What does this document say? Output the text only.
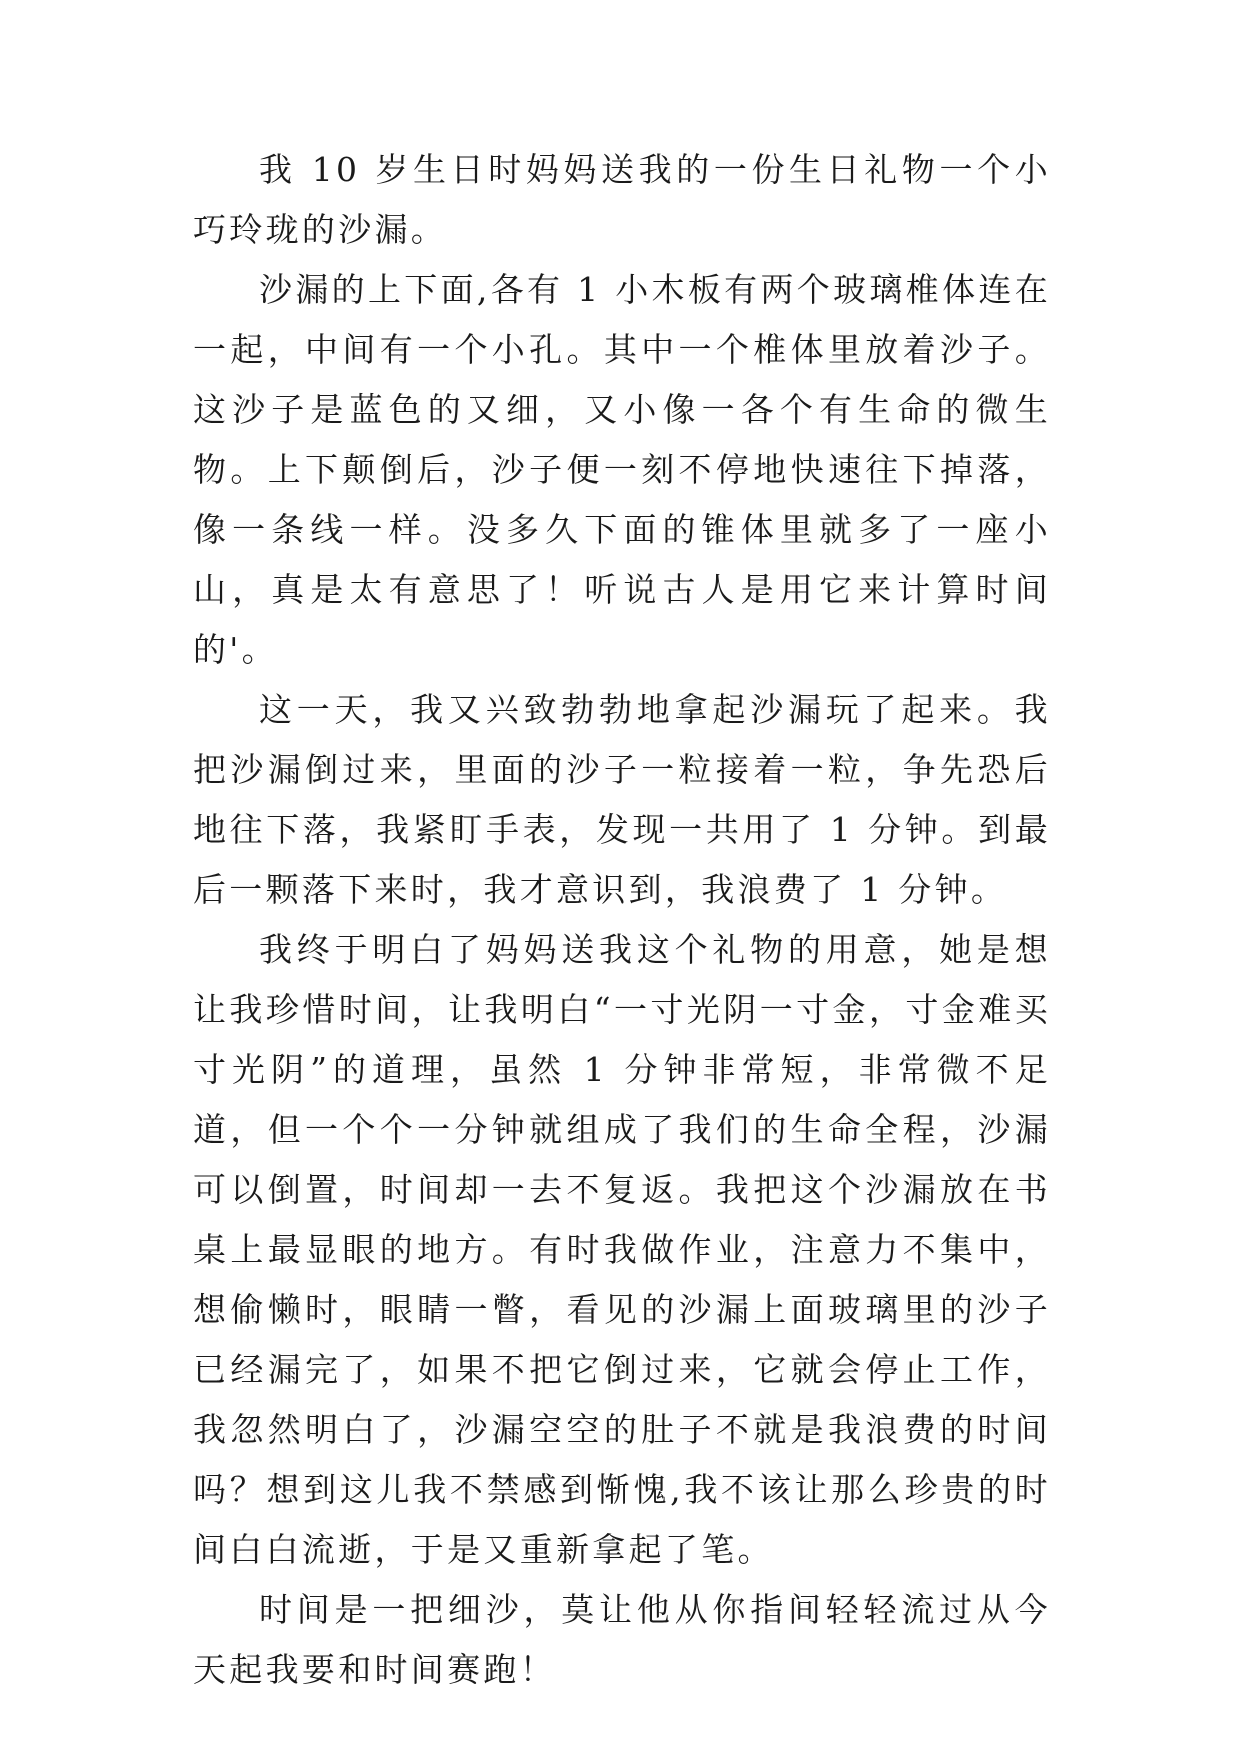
我 10 岁生日时妈妈送我的一份生日礼物一个小巧玲珑的沙漏。

沙漏的上下面,各有 1 小木板有两个玻璃椎体连在一起，中间有一个小孔。其中一个椎体里放着沙子。这沙子是蓝色的又细，又小像一各个有生命的微生物。上下颠倒后，沙子便一刻不停地快速往下掉落，像一条线一样。没多久下面的锥体里就多了一座小山，真是太有意思了！听说古人是用它来计算时间的'。

这一天，我又兴致勃勃地拿起沙漏玩了起来。我把沙漏倒过来，里面的沙子一粒接着一粒，争先恐后地往下落，我紧盯手表，发现一共用了 1 分钟。到最后一颗落下来时，我才意识到，我浪费了 1 分钟。

我终于明白了妈妈送我这个礼物的用意，她是想让我珍惜时间，让我明白“一寸光阴一寸金，寸金难买寸光阴”的道理，虽然 1 分钟非常短，非常微不足道，但一个个一分钟就组成了我们的生命全程，沙漏可以倒置，时间却一去不复返。我把这个沙漏放在书桌上最显眼的地方。有时我做作业，注意力不集中，想偷懒时，眼睛一瞥，看见的沙漏上面玻璃里的沙子已经漏完了，如果不把它倒过来，它就会停止工作，我忽然明白了，沙漏空空的肚子不就是我浪费的时间吗？想到这儿我不禁感到惭愧,我不该让那么珍贵的时间白白流逝，于是又重新拿起了笔。

时间是一把细沙，莫让他从你指间轻轻流过从今天起我要和时间赛跑！
